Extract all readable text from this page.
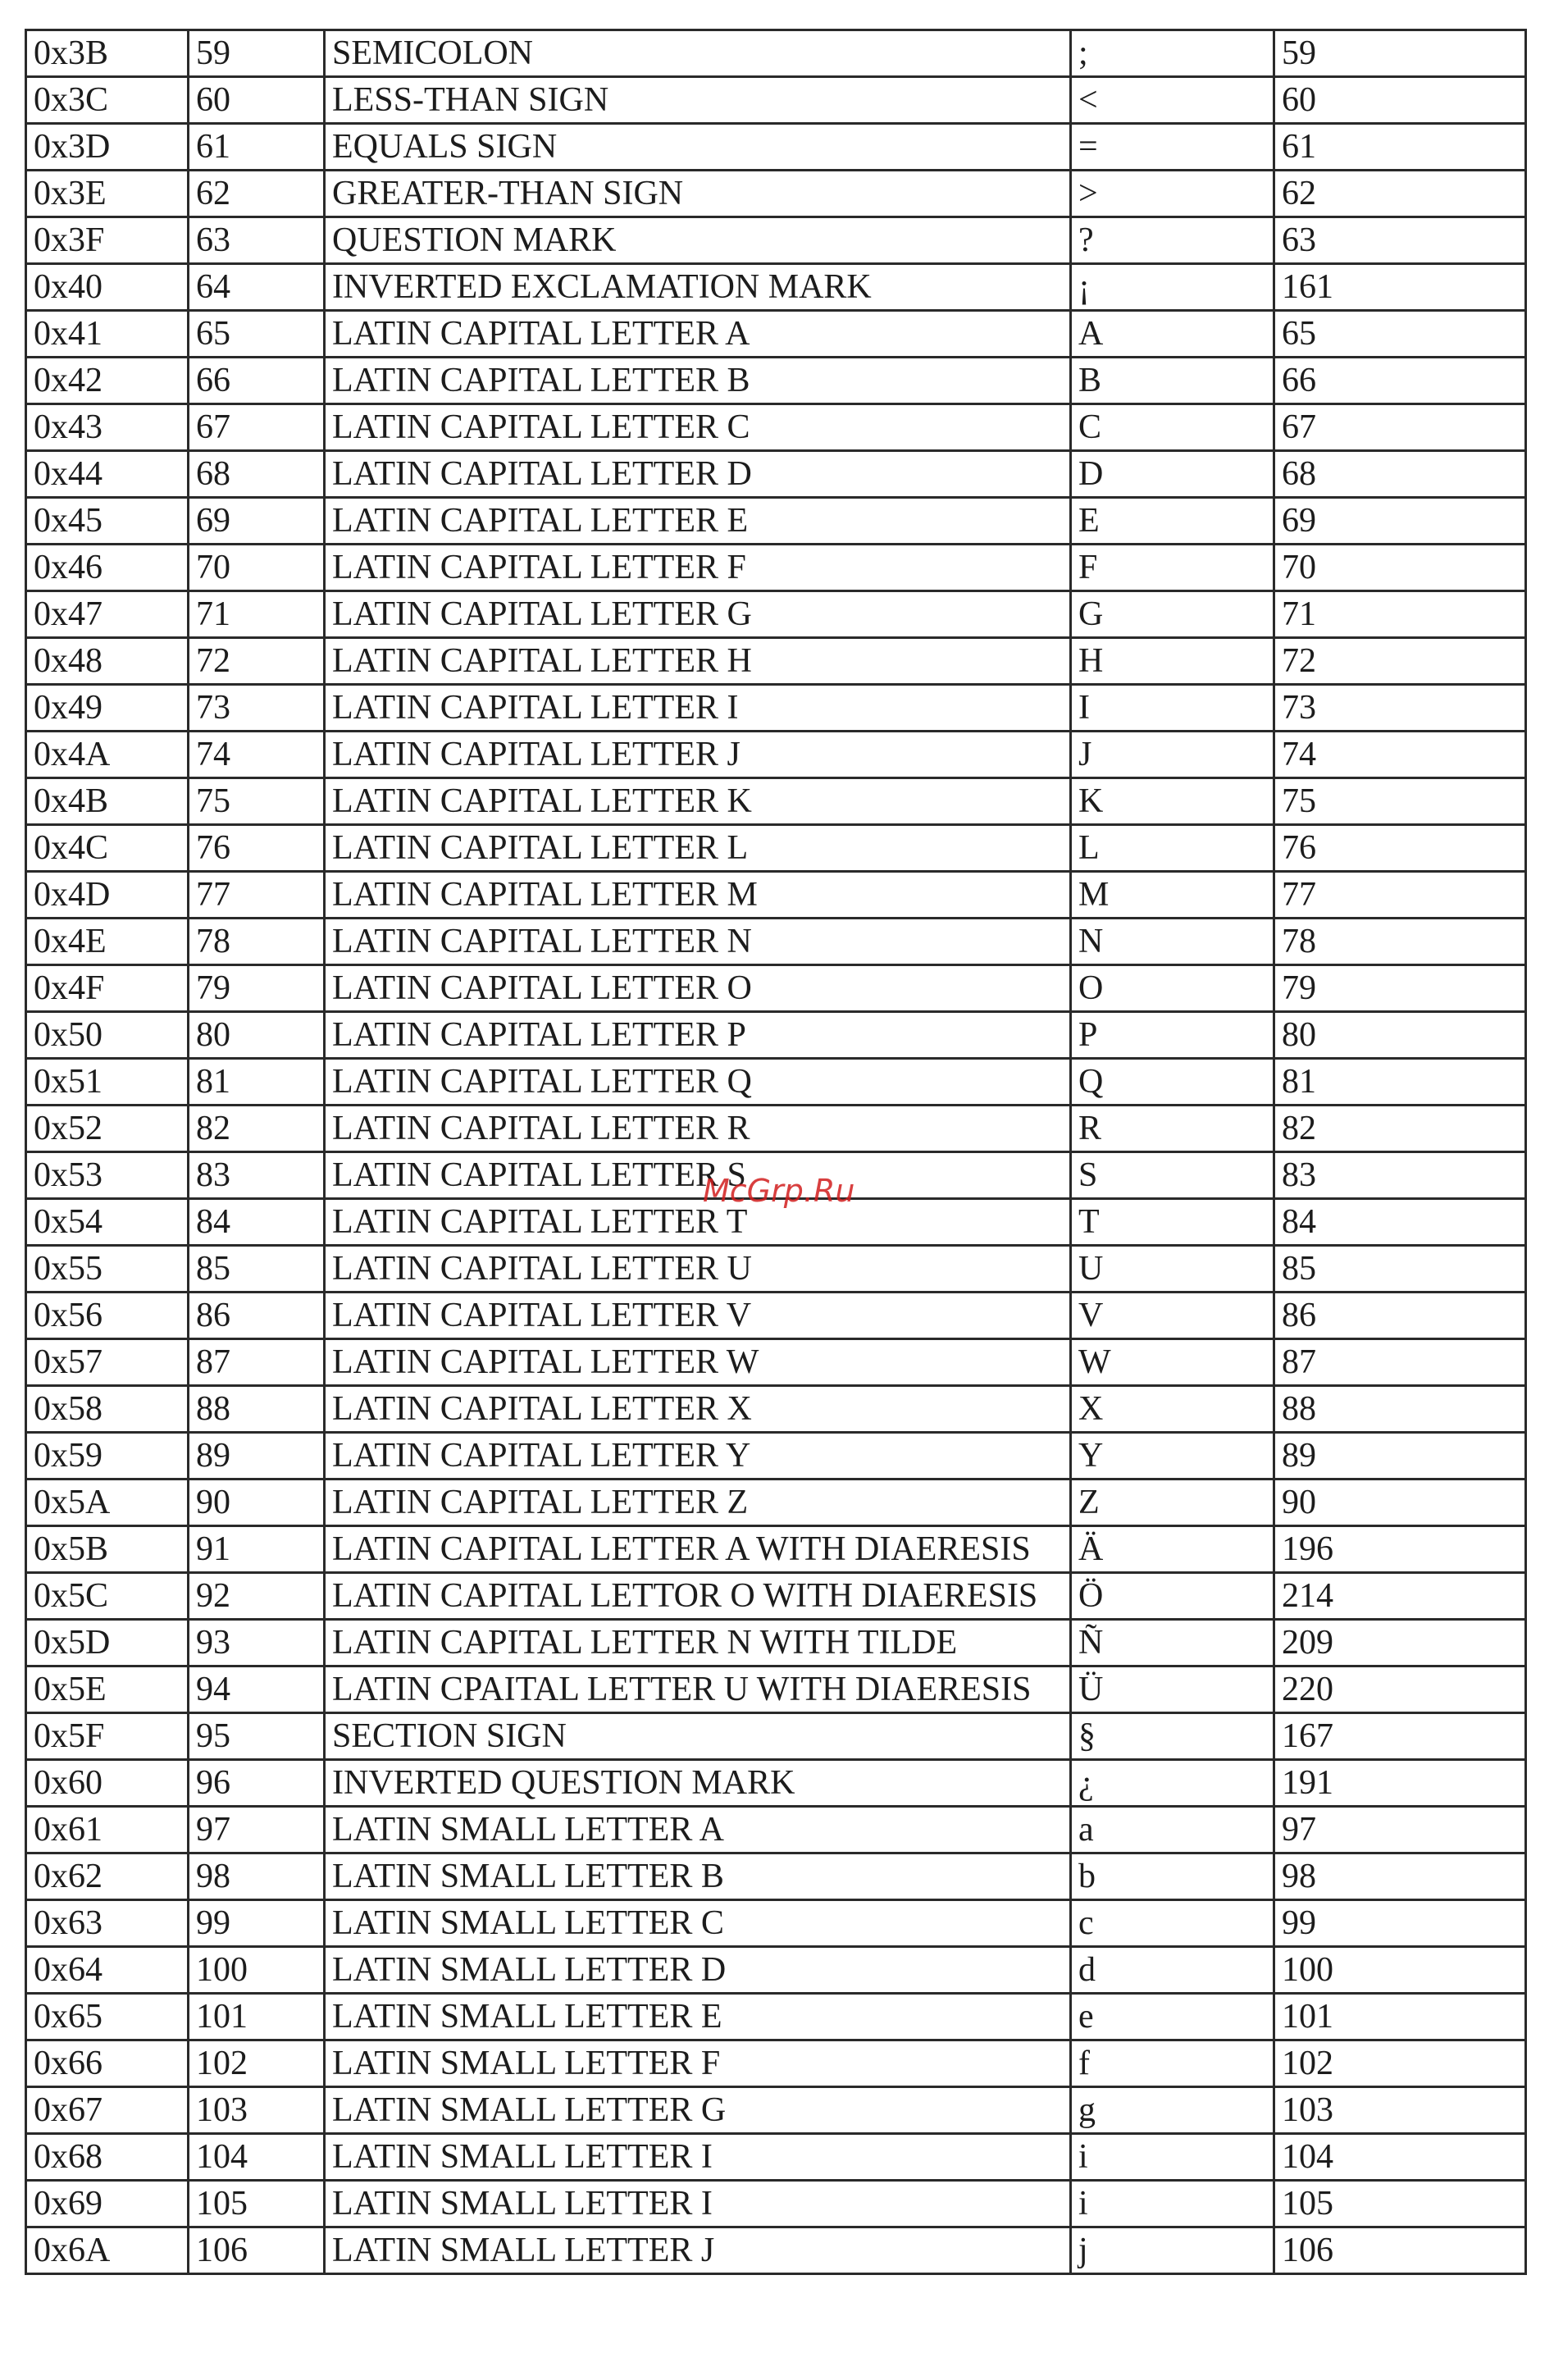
0x3B	59	SEMICOLON	;	59
0x3C	60	LESS-THAN SIGN	<	60
0x3D	61	EQUALS SIGN	=	61
0x3E	62	GREATER-THAN SIGN	>	62
0x3F	63	QUESTION MARK	?	63
0x40	64	INVERTED EXCLAMATION MARK	¡	161
0x41	65	LATIN CAPITAL LETTER A	A	65
0x42	66	LATIN CAPITAL LETTER B	B	66
0x43	67	LATIN CAPITAL LETTER C	C	67
0x44	68	LATIN CAPITAL LETTER D	D	68
0x45	69	LATIN CAPITAL LETTER E	E	69
0x46	70	LATIN CAPITAL LETTER F	F	70
0x47	71	LATIN CAPITAL LETTER G	G	71
0x48	72	LATIN CAPITAL LETTER H	H	72
0x49	73	LATIN CAPITAL LETTER I	I	73
0x4A	74	LATIN CAPITAL LETTER J	J	74
0x4B	75	LATIN CAPITAL LETTER K	K	75
0x4C	76	LATIN CAPITAL LETTER L	L	76
0x4D	77	LATIN CAPITAL LETTER M	M	77
0x4E	78	LATIN CAPITAL LETTER N	N	78
0x4F	79	LATIN CAPITAL LETTER O	O	79
0x50	80	LATIN CAPITAL LETTER P	P	80
0x51	81	LATIN CAPITAL LETTER Q	Q	81
0x52	82	LATIN CAPITAL LETTER R	R	82
0x53	83	LATIN CAPITAL LETTER S	S	83
0x54	84	LATIN CAPITAL LETTER T	T	84
0x55	85	LATIN CAPITAL LETTER U	U	85
0x56	86	LATIN CAPITAL LETTER V	V	86
0x57	87	LATIN CAPITAL LETTER W	W	87
0x58	88	LATIN CAPITAL LETTER X	X	88
0x59	89	LATIN CAPITAL LETTER Y	Y	89
0x5A	90	LATIN CAPITAL LETTER Z	Z	90
0x5B	91	LATIN CAPITAL LETTER A WITH DIAERESIS	Ä	196
0x5C	92	LATIN CAPITAL LETTOR O WITH DIAERESIS	Ö	214
0x5D	93	LATIN CAPITAL LETTER N WITH TILDE	Ñ	209
0x5E	94	LATIN CPAITAL LETTER U WITH DIAERESIS	Ü	220
0x5F	95	SECTION SIGN	§	167
0x60	96	INVERTED QUESTION MARK	¿	191
0x61	97	LATIN SMALL LETTER A	a	97
0x62	98	LATIN SMALL LETTER B	b	98
0x63	99	LATIN SMALL LETTER C	c	99
0x64	100	LATIN SMALL LETTER D	d	100
0x65	101	LATIN SMALL LETTER E	e	101
0x66	102	LATIN SMALL LETTER F	f	102
0x67	103	LATIN SMALL LETTER G	g	103
0x68	104	LATIN SMALL LETTER I	i	104
0x69	105	LATIN SMALL LETTER I	i	105
0x6A	106	LATIN SMALL LETTER J	j	106
McGrp.Ru
